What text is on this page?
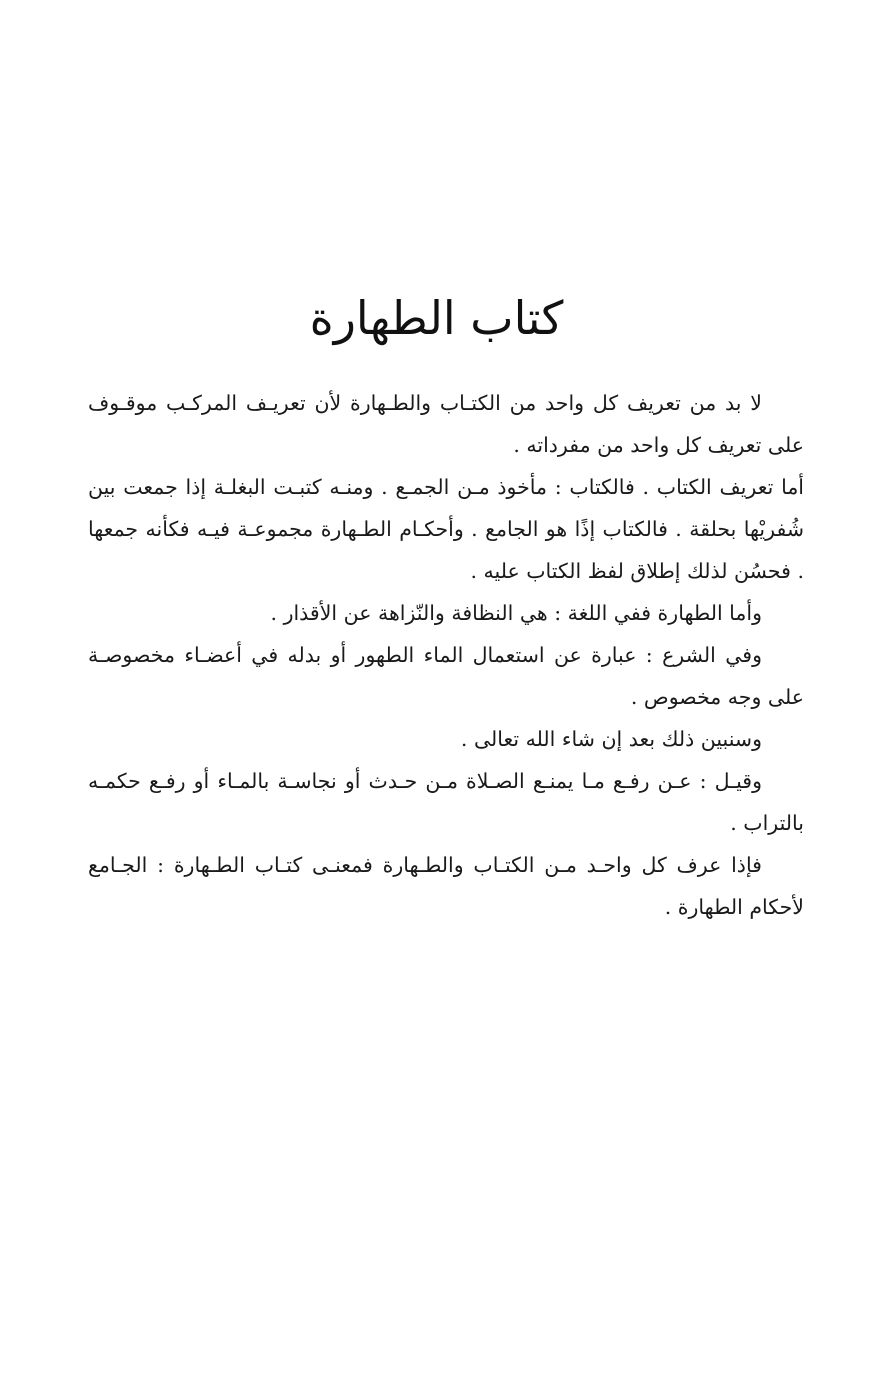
كتاب الطهارة

لا بد من تعريف كل واحد من الكتـاب والطـهارة لأن تعريـف المركـب موقـوف على تعريف كل واحد من مفرداته .

أما تعريف الكتاب . فالكتاب : مأخوذ مـن الجمـع . ومنـه كتبـت البغلـة إذا جمعت بين شُفريْها بحلقة . فالكتاب إذًا هو الجامع . وأحكـام الطـهارة مجموعـة فيـه فكأنه جمعها . فحسُن لذلك إطلاق لفظ الكتاب عليه .

وأما الطهارة ففي اللغة : هي النظافة والنّزاهة عن الأقذار .

وفي الشرع : عبارة عن استعمال الماء الطهور أو بدله في أعضـاء مخصوصـة على وجه مخصوص .

وسنبين ذلك بعد إن شاء الله تعالى .

وقيـل : عـن رفـع مـا يمنـع الصـلاة مـن حـدث أو نجاسـة بالمـاء أو رفـع حكمـه بالتراب .

فإذا عرف كل واحـد مـن الكتـاب والطـهارة فمعنـى كتـاب الطـهارة : الجـامع لأحكام الطهارة .
